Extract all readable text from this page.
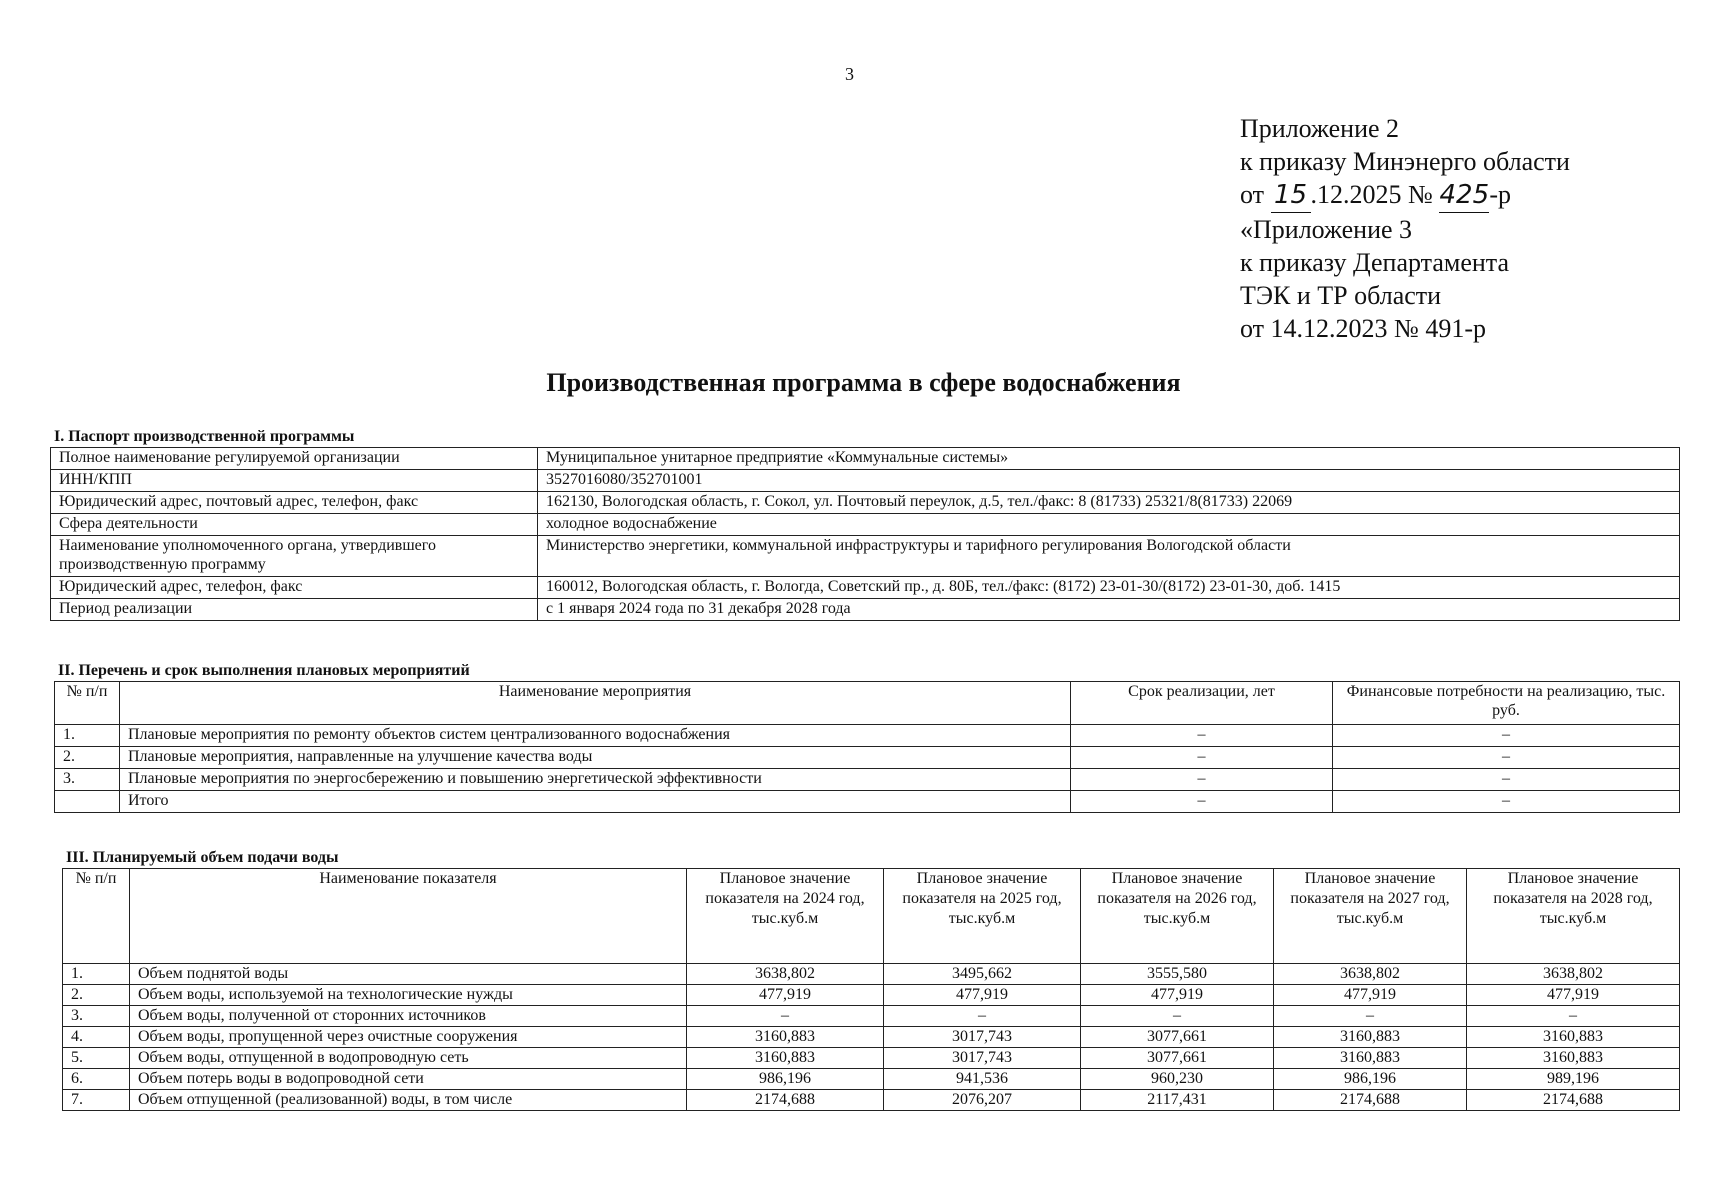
3
Приложение 2
к приказу Минэнерго области
от 15 .12.2025 № 425-р
«Приложение 3
к приказу Департамента
ТЭК и ТР области
от 14.12.2023 № 491-р
Производственная программа в сфере водоснабжения
I. Паспорт производственной программы
Полное наименование регулируемой организации	Муниципальное унитарное предприятие «Коммунальные системы»
ИНН/КПП	3527016080/352701001
Юридический адрес, почтовый адрес, телефон, факс	162130, Вологодская область, г. Сокол, ул. Почтовый переулок, д.5, тел./факс: 8 (81733) 25321/8(81733) 22069
Сфера деятельности	холодное водоснабжение
Наименование уполномоченного органа, утвердившего производственную программу	Министерство энергетики, коммунальной инфраструктуры и тарифного регулирования Вологодской области
Юридический адрес, телефон, факс	160012, Вологодская область, г. Вологда, Советский пр., д. 80Б, тел./факс: (8172) 23-01-30/(8172) 23-01-30, доб. 1415
Период реализации	с 1 января 2024 года по 31 декабря 2028 года
II. Перечень и срок выполнения плановых мероприятий
№ п/п	Наименование мероприятия	Срок реализации, лет	Финансовые потребности на реализацию, тыс. руб.
1.	Плановые мероприятия по ремонту объектов систем централизованного водоснабжения	–	–
2.	Плановые мероприятия, направленные на улучшение качества воды	–	–
3.	Плановые мероприятия по энергосбережению и повышению энергетической эффективности	–	–
	Итого	–	–
III. Планируемый объем подачи воды
№ п/п	Наименование показателя	Плановое значение показателя на 2024 год, тыс.куб.м	Плановое значение показателя на 2025 год, тыс.куб.м	Плановое значение показателя на 2026 год, тыс.куб.м	Плановое значение показателя на 2027 год, тыс.куб.м	Плановое значение показателя на 2028 год, тыс.куб.м
1.	Объем поднятой воды	3638,802	3495,662	3555,580	3638,802	3638,802
2.	Объем воды, используемой на технологические нужды	477,919	477,919	477,919	477,919	477,919
3.	Объем воды, полученной от сторонних источников	–	–	–	–	–
4.	Объем воды, пропущенной через очистные сооружения	3160,883	3017,743	3077,661	3160,883	3160,883
5.	Объем воды, отпущенной в водопроводную сеть	3160,883	3017,743	3077,661	3160,883	3160,883
6.	Объем потерь воды в водопроводной сети	986,196	941,536	960,230	986,196	989,196
7.	Объем отпущенной (реализованной) воды, в том числе	2174,688	2076,207	2117,431	2174,688	2174,688
